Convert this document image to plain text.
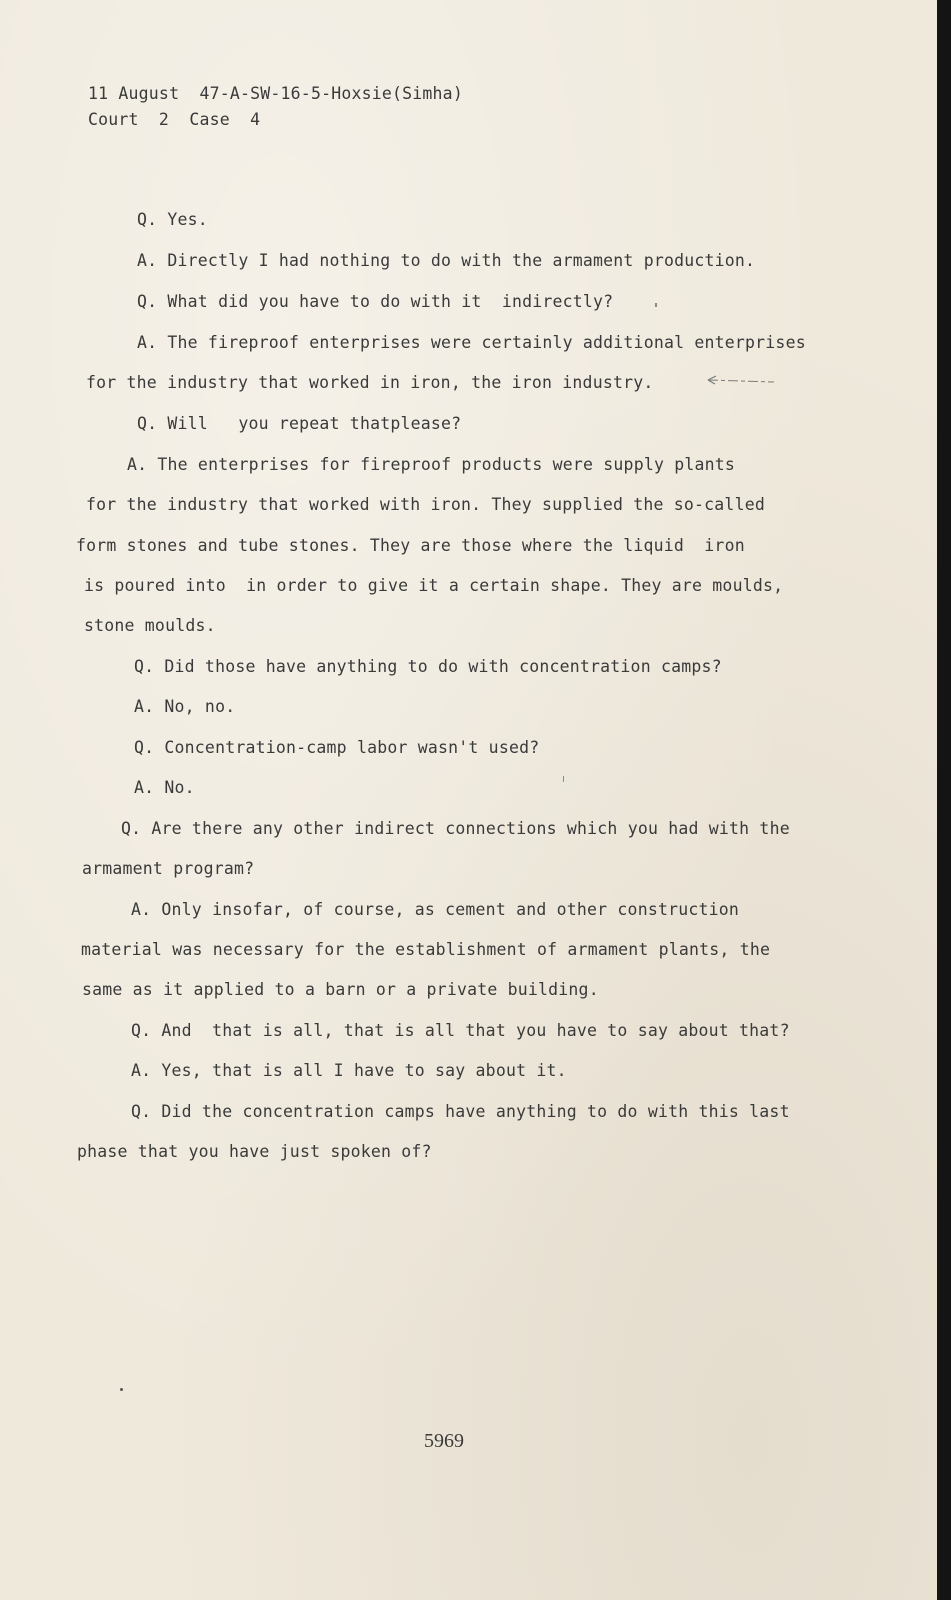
11 August  47-A-SW-16-5-Hoxsie(Simha)
Court  2  Case  4
Q. Yes.
A. Directly I had nothing to do with the armament production.
Q. What did you have to do with it  indirectly?
A. The fireproof enterprises were certainly additional enterprises
for the industry that worked in iron, the iron industry.
Q. Will   you repeat thatplease?
A. The enterprises for fireproof products were supply plants
for the industry that worked with iron. They supplied the so-called
form stones and tube stones. They are those where the liquid  iron
is poured into  in order to give it a certain shape. They are moulds,
stone moulds.
Q. Did those have anything to do with concentration camps?
A. No, no.
Q. Concentration-camp labor wasn't used?
A. No.
Q. Are there any other indirect connections which you had with the
armament program?
A. Only insofar, of course, as cement and other construction
material was necessary for the establishment of armament plants, the
same as it applied to a barn or a private building.
Q. And  that is all, that is all that you have to say about that?
A. Yes, that is all I have to say about it.
Q. Did the concentration camps have anything to do with this last
phase that you have just spoken of?
5969
